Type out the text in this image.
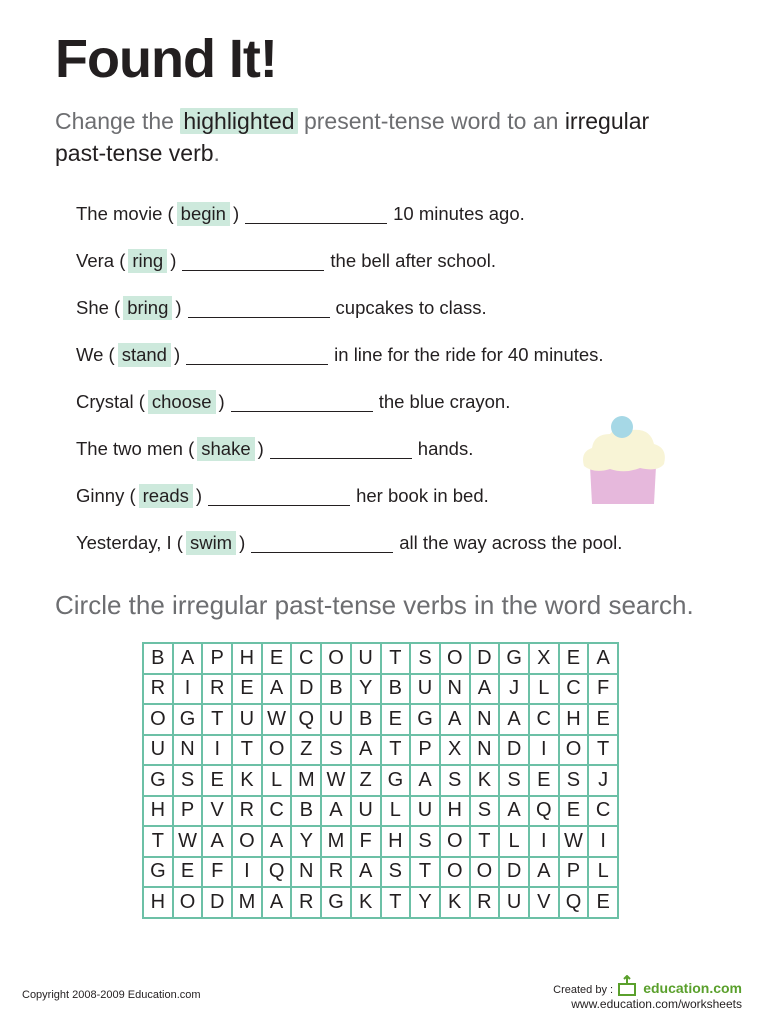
Found It!
Change the highlighted present-tense word to an irregular
past-tense verb.
The movie ( begin )	10 minutes ago.
Vera ( ring )	the bell after school.
She ( bring )	cupcakes to class.
We ( stand )	in line for the ride for 40 minutes.
Crystal ( choose )	the blue crayon.
The two men ( shake )	hands.
Ginny ( reads )	her book in bed.
Yesterday, I ( swim )	all the way across the pool.
Circle the irregular past-tense verbs in the word search.
B	A	P	H	E	C	O	U	T	S	O	D	G	X	E	A
R	I	R	E	A	D	B	Y	B	U	N	A	J	L	C	F
O	G	T	U	W	Q	U	B	E	G	A	N	A	C	H	E
U	N	I	T	O	Z	S	A	T	P	X	N	D	I	O	T
G	S	E	K	L	M	W	Z	G	A	S	K	S	E	S	J
H	P	V	R	C	B	A	U	L	U	H	S	A	Q	E	C
T	W	A	O	A	Y	M	F	H	S	O	T	L	I	W	I
G	E	F	I	Q	N	R	A	S	T	O	O	D	A	P	L
H	O	D	M	A	R	G	K	T	Y	K	R	U	V	Q	E
Copyright 2008-2009 Education.com	Created by : education.com
www.education.com/worksheets
